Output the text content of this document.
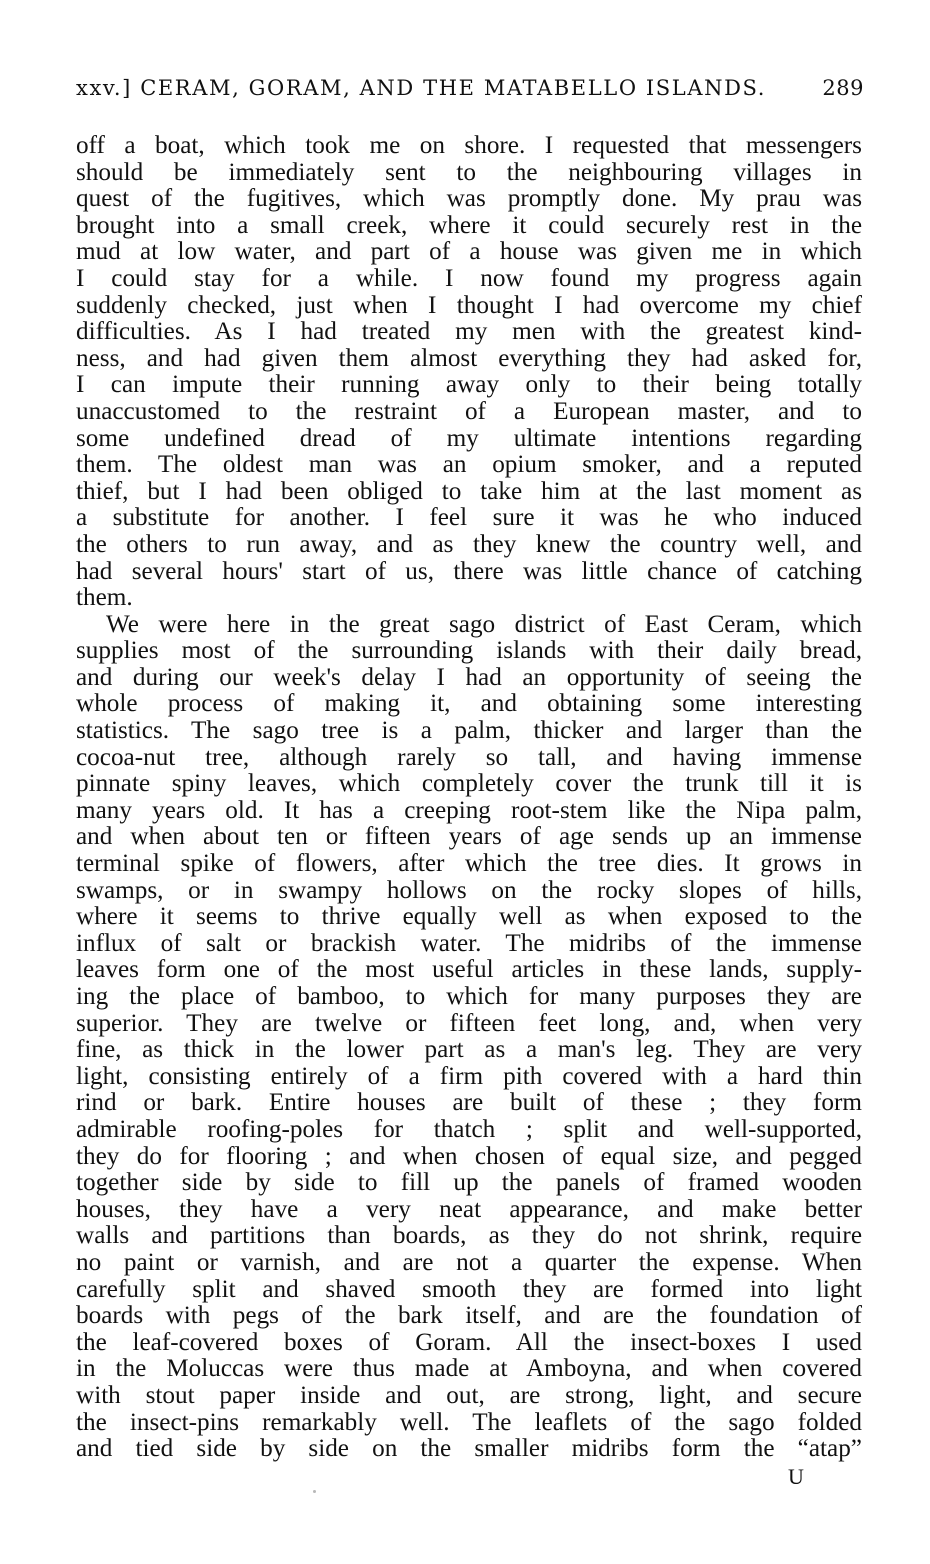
xxv.] CERAM, GORAM, AND THE MATABELLO ISLANDS.	289
off a boat, which took me on shore. I requested that messengers
should be immediately sent to the neighbouring villages in
quest of the fugitives, which was promptly done. My prau was
brought into a small creek, where it could securely rest in the
mud at low water, and part of a house was given me in which
I could stay for a while. I now found my progress again
suddenly checked, just when I thought I had overcome my chief
difficulties. As I had treated my men with the greatest kind-
ness, and had given them almost everything they had asked for,
I can impute their running away only to their being totally
unaccustomed to the restraint of a European master, and to
some undefined dread of my ultimate intentions regarding
them. The oldest man was an opium smoker, and a reputed
thief, but I had been obliged to take him at the last moment as
a substitute for another. I feel sure it was he who induced
the others to run away, and as they knew the country well, and
had several hours' start of us, there was little chance of catching
them.
We were here in the great sago district of East Ceram, which
supplies most of the surrounding islands with their daily bread,
and during our week's delay I had an opportunity of seeing the
whole process of making it, and obtaining some interesting
statistics. The sago tree is a palm, thicker and larger than the
cocoa-nut tree, although rarely so tall, and having immense
pinnate spiny leaves, which completely cover the trunk till it is
many years old. It has a creeping root-stem like the Nipa palm,
and when about ten or fifteen years of age sends up an immense
terminal spike of flowers, after which the tree dies. It grows in
swamps, or in swampy hollows on the rocky slopes of hills,
where it seems to thrive equally well as when exposed to the
influx of salt or brackish water. The midribs of the immense
leaves form one of the most useful articles in these lands, supply-
ing the place of bamboo, to which for many purposes they are
superior. They are twelve or fifteen feet long, and, when very
fine, as thick in the lower part as a man's leg. They are very
light, consisting entirely of a firm pith covered with a hard thin
rind or bark. Entire houses are built of these ; they form
admirable roofing-poles for thatch ; split and well-supported,
they do for flooring ; and when chosen of equal size, and pegged
together side by side to fill up the panels of framed wooden
houses, they have a very neat appearance, and make better
walls and partitions than boards, as they do not shrink, require
no paint or varnish, and are not a quarter the expense. When
carefully split and shaved smooth they are formed into light
boards with pegs of the bark itself, and are the foundation of
the leaf-covered boxes of Goram. All the insect-boxes I used
in the Moluccas were thus made at Amboyna, and when covered
with stout paper inside and out, are strong, light, and secure
the insect-pins remarkably well. The leaflets of the sago folded
and tied side by side on the smaller midribs form the “atap”
U
